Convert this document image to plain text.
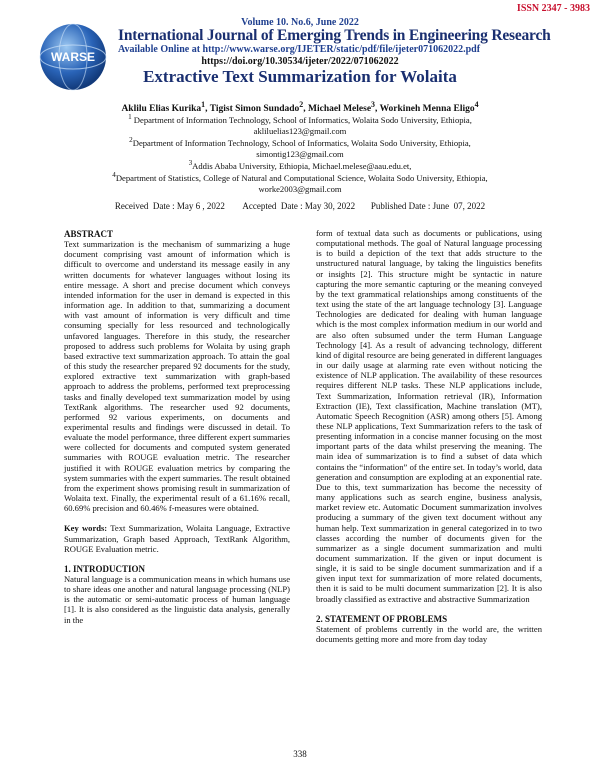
ISSN 2347 - 3983
Volume 10. No.6, June 2022
WARSE
International Journal of Emerging Trends in Engineering Research
Available Online at http://www.warse.org/IJETER/static/pdf/file/ijeter071062022.pdf
https://doi.org/10.30534/ijeter/2022/071062022
Extractive Text Summarization for Wolaita
Aklilu Elias Kurika$^1$, Tigist Simon Sundado$^2$, Michael Melese$^3$, Workineh Menna Eligo$^4$
$^1$ Department of Information Technology, School of Informatics, Wolaita Sodo University, Ethiopia,
akliluelias123@gmail.com
$^2$Department of Information Technology, School of Informatics, Wolaita Sodo University, Ethiopia,
simontig123@gmail.com
$^3$Addis Ababa University, Ethiopia, Michael.melese@aau.edu.et,
$^4$Department of Statistics, College of Natural and Computational Science, Wolaita Sodo University, Ethiopia,
worke2003@gmail.com
Received  Date : May 6 , 2022        Accepted  Date : May 30, 2022       Published Date : June  07, 2022

ABSTRACT

Text summarization is the mechanism of summarizing a huge document comprising vast amount of information which is difficult to overcome and understand its message easily in any written documents for whatever languages without losing its entire message. A short and precise document which conveys intended information for the user in demand is expected in this information age. In addition to that, summarizing a document with vast amount of information is very difficult and time consuming specially for less resourced and technologically unfavored languages. Therefore in this study, the researcher proposed to address such problems for Wolaita by using graph based extractive text summarization approach. To attain the goal of this study the researcher prepared 92 documents for the study, explored extractive text summarization with graph-based approach to address the problems, performed text preprocessing tasks and finally developed text summarization model by using TextRank algorithms. The researcher used 92 documents, performed 92 various experiments, on documents and experimental results and findings were discussed in detail. To evaluate the model performance, three different expert summaries were collected for documents and computed system generated summaries with ROUGE evaluation metric. The researcher justified it with ROUGE evaluation metrics by comparing the system summaries with the expert summaries. The result obtained from the experiment shows promising result in summarization of Wolaita text. Finally, the experimental result of a 61.16% recall, 60.69% precision and 60.46% f-measures were obtained.

Key words: Text Summarization, Wolaita Language, Extractive Summarization, Graph based Approach, TextRank Algorithm, ROUGE Evaluation metric.

1. INTRODUCTION

Natural language is a communication means in which humans use to share ideas one another and natural language processing (NLP) is the automatic or semi-automatic process of human language [1]. It is also considered as the linguistic data analysis, generally in the

form of textual data such as documents or publications, using computational methods. The goal of Natural language processing is to build a depiction of the text that adds structure to the unstructured natural language, by taking the linguistics benefits or insights [2]. This structure might be syntactic in nature capturing the more semantic capturing or the meaning conveyed by the text grammatical relationships among constituents of the text using the state of the art language technology [3]. Language Technologies are dedicated for dealing with human language which is the most complex information medium in our world and are also often subsumed under the term Human Language Technology [4]. As a result of advancing technology, different kind of digital resource are being generated in different languages in our daily usage at alarming rate even without noticing the existence of NLP application. The availability of these resources requires different NLP tasks. These NLP applications include, Text Summarization, Information retrieval (IR), Information Extraction (IE), Text classification, Machine translation (MT), Automatic Speech Recognition (ASR) among others [5]. Among these NLP applications, Text Summarization refers to the task of presenting information in a concise manner focusing on the most important parts of the data whilst preserving the meaning. The main idea of summarization is to find a subset of data which contains the “information” of the entire set. In today’s world, data generation and consumption are exploding at an exponential rate. Due to this, text summarization has become the necessity of many applications such as search engine, business analysis, market review etc. Automatic Document summarization involves producing a summary of the given text document without any human help. Text summarization in general categorized in to two classes according the number of documents given for the summarizer as a single document summarization and multi document summarization. If the given or input document is single, it is said to be single document summarization and if a given input text for summarization of more related documents, then it is said to be multi document summarization [2]. It is also broadly classified as extractive and abstractive Summarization

2. STATEMENT OF PROBLEMS

Statement of problems currently in the world are, the written documents getting more and more from day today

338
